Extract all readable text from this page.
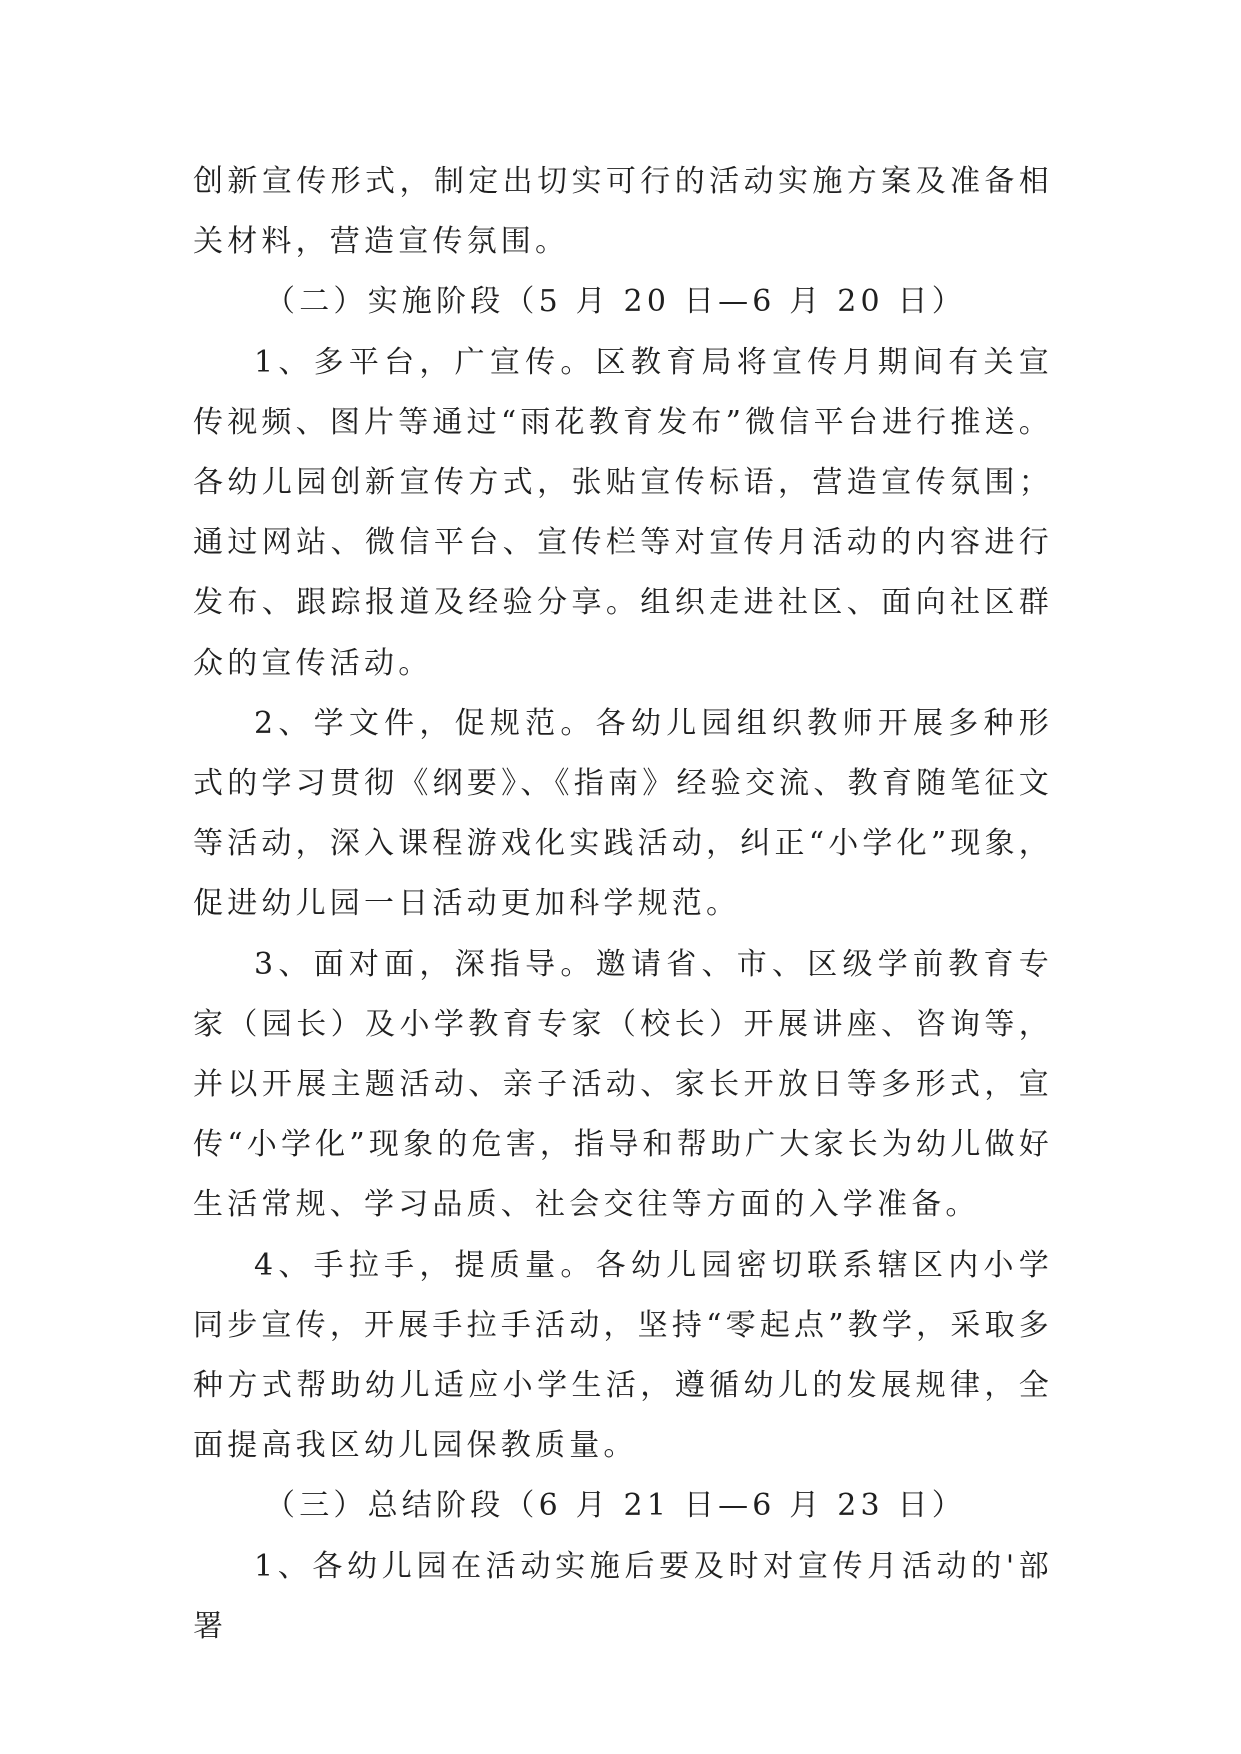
创新宣传形式，制定出切实可行的活动实施方案及准备相关材料，营造宣传氛围。

（二）实施阶段（5 月 20 日—6 月 20 日）

1、多平台，广宣传。区教育局将宣传月期间有关宣传视频、图片等通过“雨花教育发布”微信平台进行推送。各幼儿园创新宣传方式，张贴宣传标语，营造宣传氛围；通过网站、微信平台、宣传栏等对宣传月活动的内容进行发布、跟踪报道及经验分享。组织走进社区、面向社区群众的宣传活动。

2、学文件，促规范。各幼儿园组织教师开展多种形式的学习贯彻《纲要》、《指南》经验交流、教育随笔征文等活动，深入课程游戏化实践活动，纠正“小学化”现象，促进幼儿园一日活动更加科学规范。

3、面对面，深指导。邀请省、市、区级学前教育专家（园长）及小学教育专家（校长）开展讲座、咨询等，并以开展主题活动、亲子活动、家长开放日等多形式，宣传“小学化”现象的危害，指导和帮助广大家长为幼儿做好生活常规、学习品质、社会交往等方面的入学准备。

4、手拉手，提质量。各幼儿园密切联系辖区内小学同步宣传，开展手拉手活动，坚持“零起点”教学，采取多种方式帮助幼儿适应小学生活，遵循幼儿的发展规律，全面提高我区幼儿园保教质量。

（三）总结阶段（6 月 21 日—6 月 23 日）

1、各幼儿园在活动实施后要及时对宣传月活动的'部署
